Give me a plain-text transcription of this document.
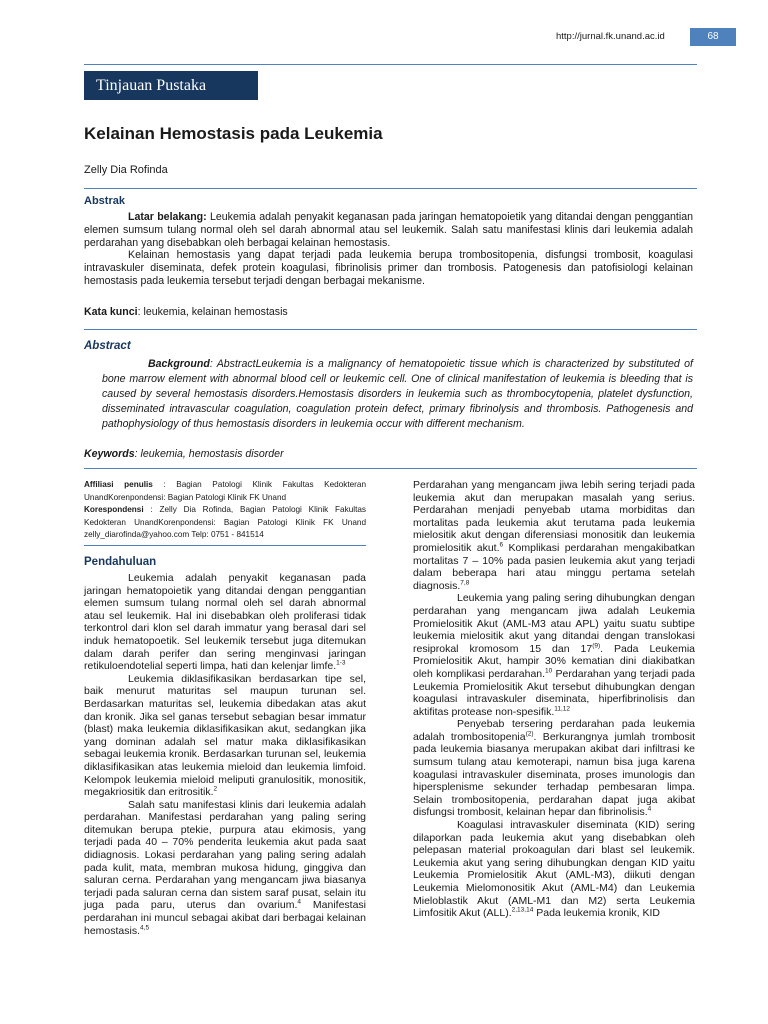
http://jurnal.fk.unand.ac.id	68
Tinjauan Pustaka
Kelainan Hemostasis pada Leukemia
Zelly Dia Rofinda
Abstrak

Latar belakang: Leukemia adalah penyakit keganasan pada jaringan hematopoietik yang ditandai dengan penggantian elemen sumsum tulang normal oleh sel darah abnormal atau sel leukemik. Salah satu manifestasi klinis dari leukemia adalah perdarahan yang disebabkan oleh berbagai kelainan hemostasis.

Kelainan hemostasis yang dapat terjadi pada leukemia berupa trombositopenia, disfungsi trombosit, koagulasi intravaskuler diseminata, defek protein koagulasi, fibrinolisis primer dan trombosis. Patogenesis dan patofisiologi kelainan hemostasis pada leukemia tersebut terjadi dengan berbagai mekanisme.

Kata kunci: leukemia, kelainan hemostasis
Abstract

Background: AbstractLeukemia is a malignancy of hematopoietic tissue which is characterized by substituted of bone marrow element with abnormal blood cell or leukemic cell. One of clinical manifestation of leukemia is bleeding that is caused by several hemostasis disorders.Hemostasis disorders in leukemia such as thrombocytopenia, platelet dysfunction, disseminated intravascular coagulation, coagulation protein defect, primary fibrinolysis and thrombosis. Pathogenesis and pathophysiology of thus hemostasis disorders in leukemia occur with different mechanism.

Keywords: leukemia, hemostasis disorder
Affiliasi penulis : Bagian Patologi Klinik Fakultas Kedokteran UnandKorenpondensi: Bagian Patologi Klinik FK Unand
Korespondensi : Zelly Dia Rofinda, Bagian Patologi Klinik Fakultas Kedokteran UnandKorenpondensi: Bagian Patologi Klinik FK Unand zelly_diarofinda@yahoo.com Telp: 0751 - 841514
Pendahuluan

Leukemia adalah penyakit keganasan pada jaringan hematopoietik yang ditandai dengan penggantian elemen sumsum tulang normal oleh sel darah abnormal atau sel leukemik. Hal ini disebabkan oleh proliferasi tidak terkontrol dari klon sel darah immatur yang berasal dari sel induk hematopoetik. Sel leukemik tersebut juga ditemukan dalam darah perifer dan sering menginvasi jaringan retikuloendotelial seperti limpa, hati dan kelenjar limfe.$^{1-3}$

Leukemia diklasifikasikan berdasarkan tipe sel, baik menurut maturitas sel maupun turunan sel. Berdasarkan maturitas sel, leukemia dibedakan atas akut dan kronik. Jika sel ganas tersebut sebagian besar immatur (blast) maka leukemia diklasifikasikan akut, sedangkan jika yang dominan adalah sel matur maka diklasifikasikan sebagai leukemia kronik. Berdasarkan turunan sel, leukemia diklasifikasikan atas leukemia mieloid dan leukemia limfoid. Kelompok leukemia mieloid meliputi granulositik, monositik, megakriositik dan eritrositik.$^2$

Salah satu manifestasi klinis dari leukemia adalah perdarahan. Manifestasi perdarahan yang paling sering ditemukan berupa ptekie, purpura atau ekimosis, yang terjadi pada 40 – 70% penderita leukemia akut pada saat didiagnosis. Lokasi perdarahan yang paling sering adalah pada kulit, mata, membran mukosa hidung, ginggiva dan saluran cerna. Perdarahan yang mengancam jiwa biasanya terjadi pada saluran cerna dan sistem saraf pusat, selain itu juga pada paru, uterus dan ovarium.$^4$ Manifestasi perdarahan ini muncul sebagai akibat dari berbagai kelainan hemostasis.$^{4,5}$

Perdarahan yang mengancam jiwa lebih sering terjadi pada leukemia akut dan merupakan masalah yang serius. Perdarahan menjadi penyebab utama morbiditas dan mortalitas pada leukemia akut terutama pada leukemia mielositik akut dengan diferensiasi monositik dan leukemia promielositik akut.$^6$ Komplikasi perdarahan mengakibatkan mortalitas 7 – 10% pada pasien leukemia akut yang terjadi dalam beberapa hari atau minggu pertama setelah diagnosis.$^{7,8}$

Leukemia yang paling sering dihubungkan dengan perdarahan yang mengancam jiwa adalah Leukemia Promielositik Akut (AML-M3 atau APL) yaitu suatu subtipe leukemia mielositik akut yang ditandai dengan translokasi resiprokal kromosom 15 dan 17$^{(9)}$. Pada Leukemia Promielositik Akut, hampir 30% kematian dini diakibatkan oleh komplikasi perdarahan.$^{10}$ Perdarahan yang terjadi pada Leukemia Promielositik Akut tersebut dihubungkan dengan koagulasi intravaskuler diseminata, hiperfibrinolisis dan aktifitas protease non-spesifik.$^{11,12}$

Penyebab tersering perdarahan pada leukemia adalah trombositopenia$^{(2)}$. Berkurangnya jumlah trombosit pada leukemia biasanya merupakan akibat dari infiltrasi ke sumsum tulang atau kemoterapi, namun bisa juga karena koagulasi intravaskuler diseminata, proses imunologis dan hipersplenisme sekunder terhadap pembesaran limpa. Selain trombositopenia, perdarahan dapat juga akibat disfungsi trombosit, kelainan hepar dan fibrinolisis.$^4$

Koagulasi intravaskuler diseminata (KID) sering dilaporkan pada leukemia akut yang disebabkan oleh pelepasan material prokoagulan dari blast sel leukemik. Leukemia akut yang sering dihubungkan dengan KID yaitu Leukemia Promielositik Akut (AML-M3), diikuti dengan Leukemia Mielomonositik Akut (AML-M4) dan Leukemia Mieloblastik Akut (AML-M1 dan M2) serta Leukemia Limfositik Akut (ALL).$^{2,13,14}$ Pada leukemia kronik, KID
